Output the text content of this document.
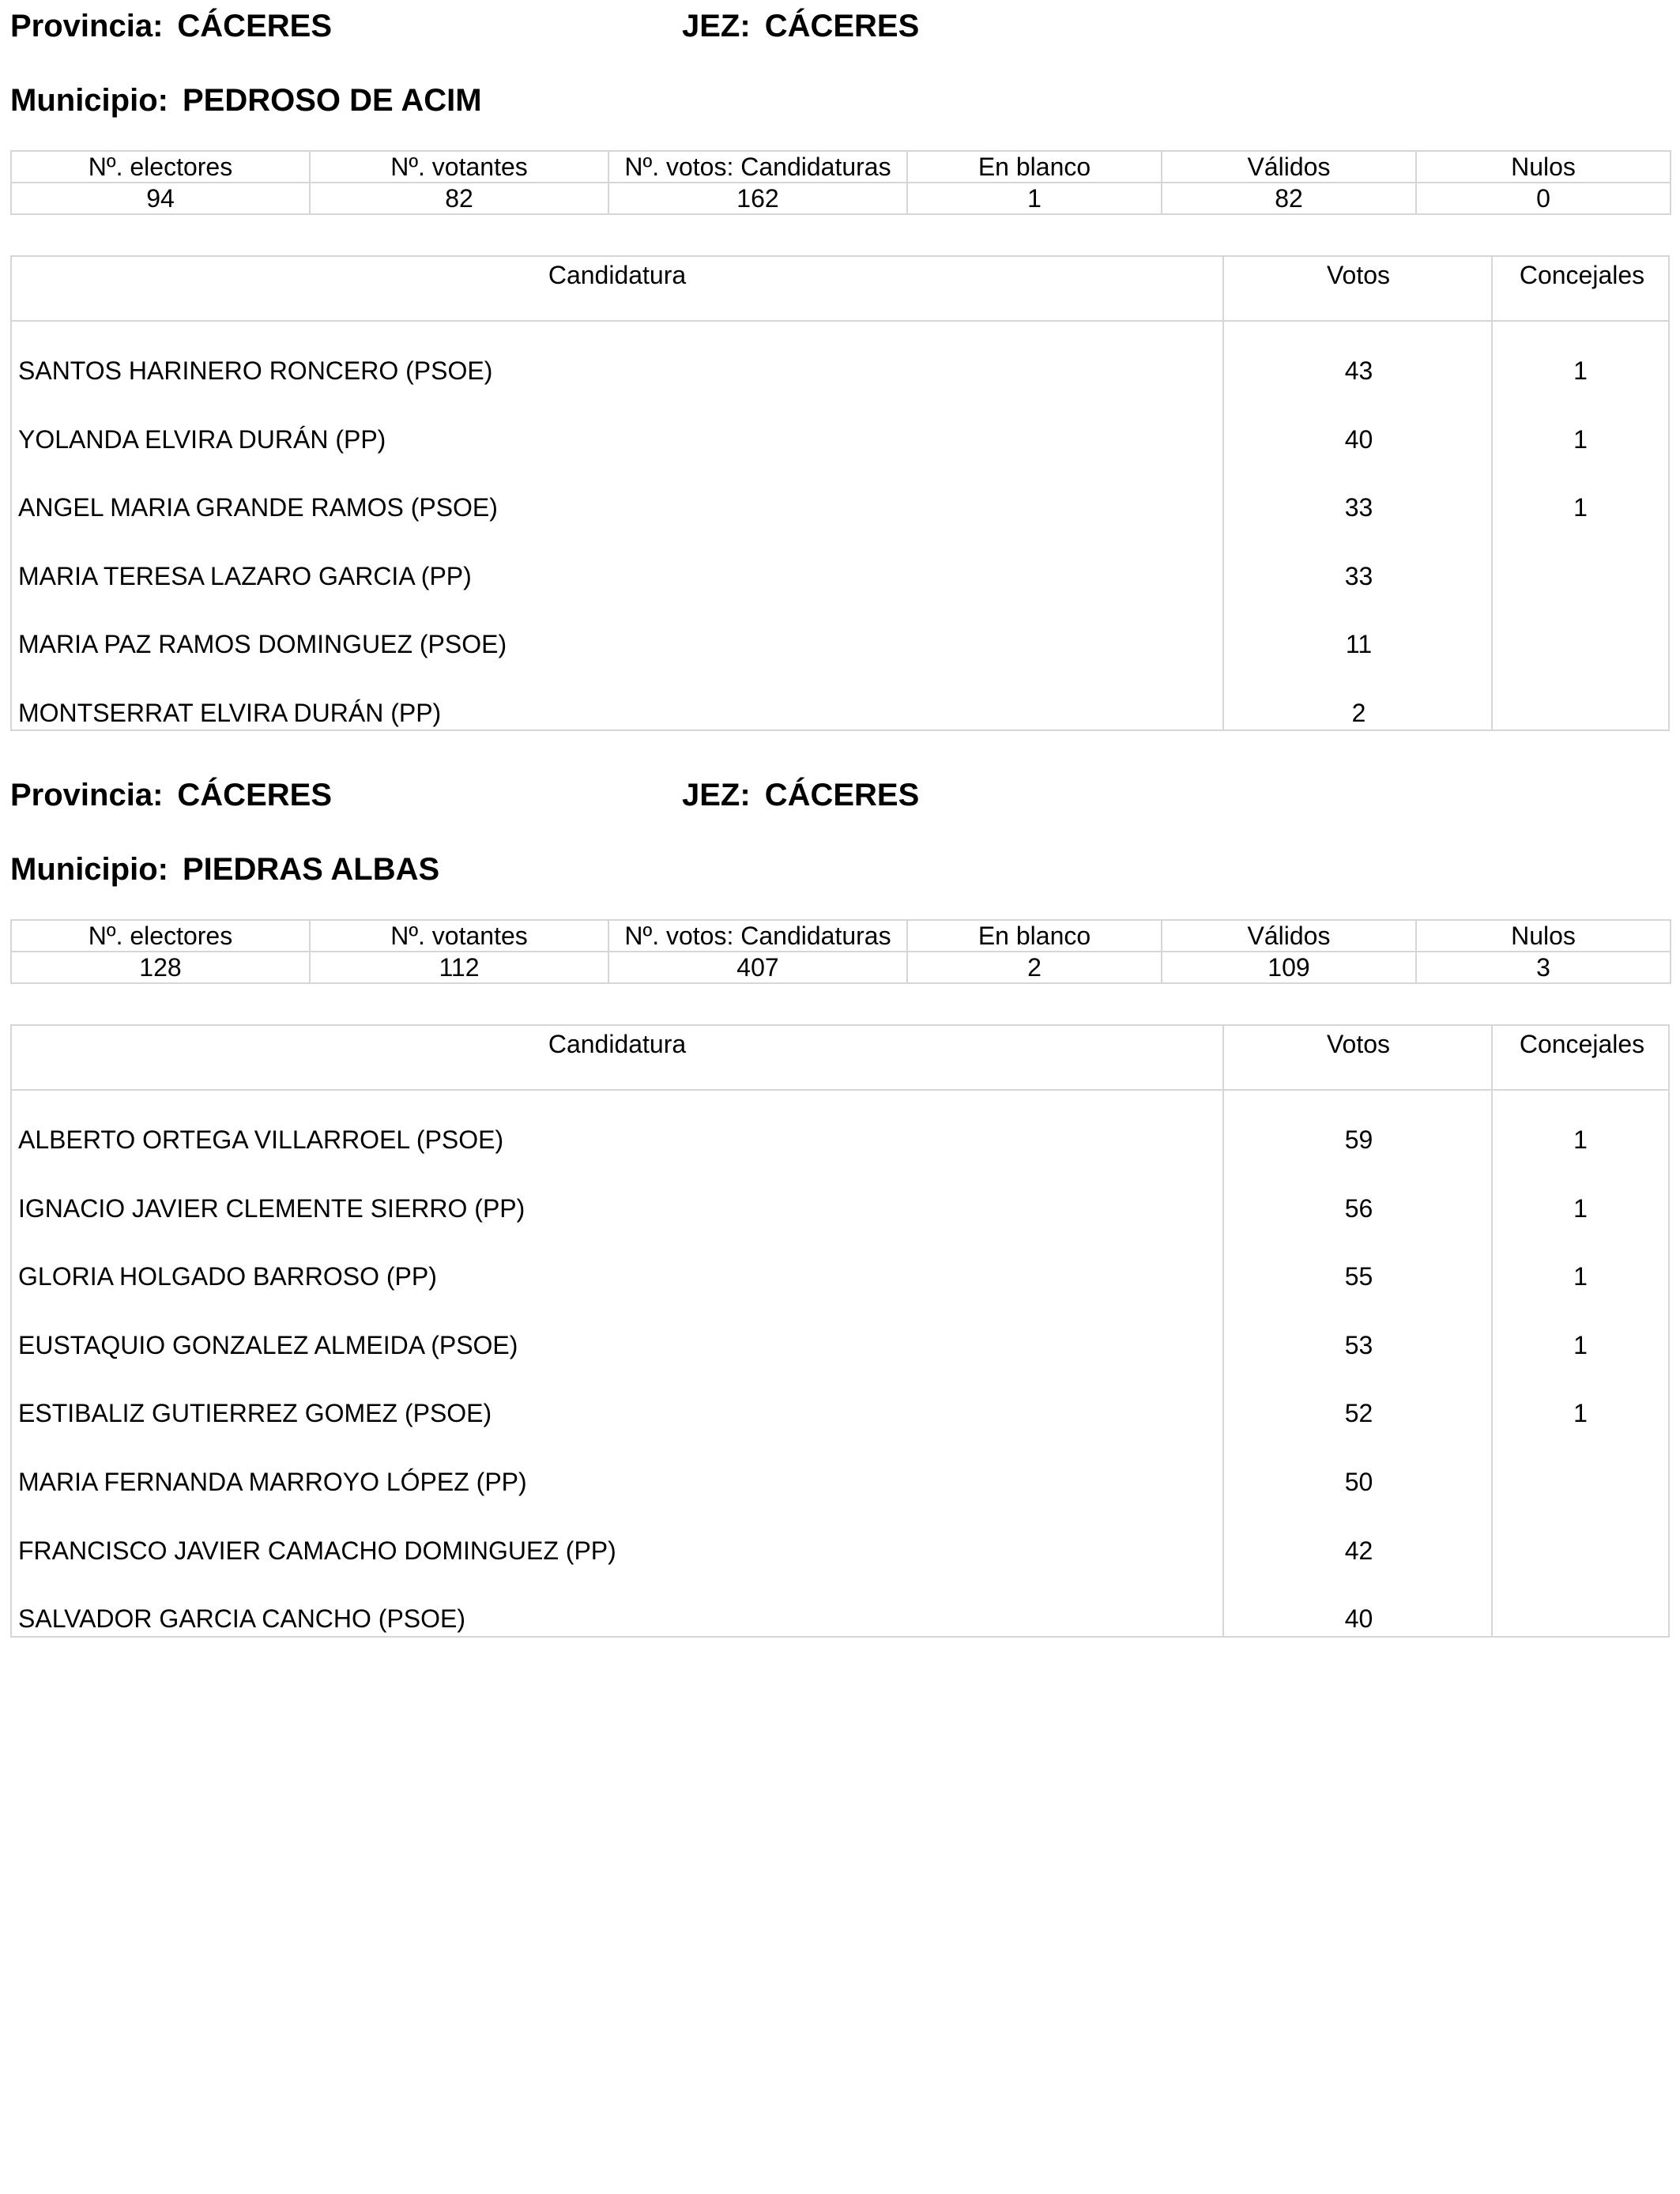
Provincia: CÁCERES	JEZ: CÁCERES
Municipio: PEDROSO DE ACIM
Nº. electores	Nº. votantes	Nº. votos: Candidaturas	En blanco	Válidos	Nulos
94	82	162	1	82	0
Candidatura	Votos	Concejales
SANTOS HARINERO RONCERO (PSOE)	43	1
YOLANDA ELVIRA DURÁN (PP)	40	1
ANGEL MARIA GRANDE RAMOS (PSOE)	33	1
MARIA TERESA LAZARO GARCIA (PP)	33
MARIA PAZ RAMOS DOMINGUEZ (PSOE)	11
MONTSERRAT ELVIRA DURÁN (PP)	2
Provincia: CÁCERES	JEZ: CÁCERES
Municipio: PIEDRAS ALBAS
Nº. electores	Nº. votantes	Nº. votos: Candidaturas	En blanco	Válidos	Nulos
128	112	407	2	109	3
Candidatura	Votos	Concejales
ALBERTO ORTEGA VILLARROEL (PSOE)	59	1
IGNACIO JAVIER CLEMENTE SIERRO (PP)	56	1
GLORIA HOLGADO BARROSO (PP)	55	1
EUSTAQUIO GONZALEZ ALMEIDA (PSOE)	53	1
ESTIBALIZ GUTIERREZ GOMEZ (PSOE)	52	1
MARIA FERNANDA MARROYO LÓPEZ (PP)	50
FRANCISCO JAVIER CAMACHO DOMINGUEZ (PP)	42
SALVADOR GARCIA CANCHO (PSOE)	40
